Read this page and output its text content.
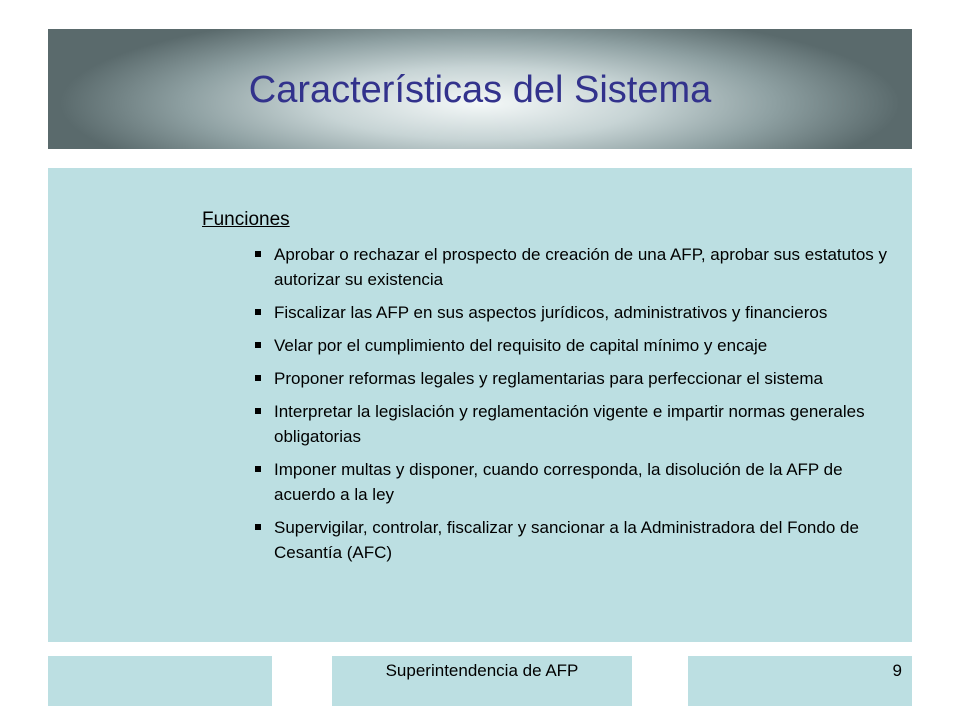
Características del Sistema
Funciones
Aprobar o rechazar el prospecto de creación de una AFP, aprobar sus estatutos y autorizar su existencia
Fiscalizar las AFP en sus aspectos jurídicos, administrativos y financieros
Velar por el cumplimiento del requisito de capital mínimo y encaje
Proponer reformas legales y reglamentarias para perfeccionar el sistema
Interpretar la legislación y reglamentación vigente e impartir normas generales obligatorias
Imponer multas y disponer, cuando corresponda, la disolución de la AFP de acuerdo a la ley
Supervigilar, controlar, fiscalizar y sancionar a la Administradora del Fondo de Cesantía (AFC)
Superintendencia de AFP	9
